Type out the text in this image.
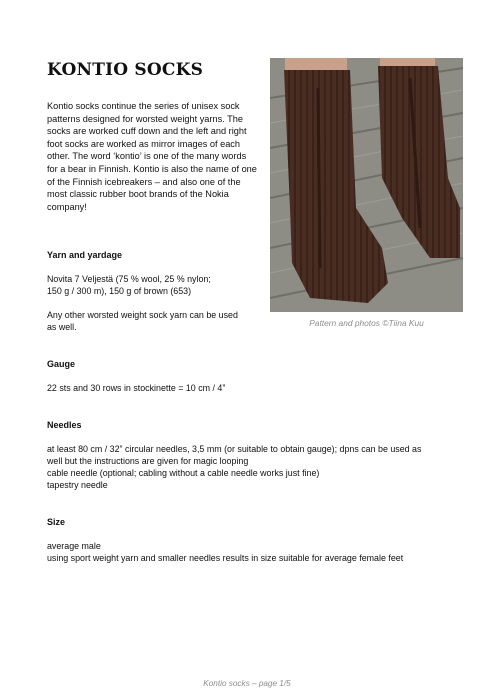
KONTIO SOCKS
Kontio socks continue the series of unisex sock patterns designed for worsted weight yarns. The socks are worked cuff down and the left and right foot socks are worked as mirror images of each other. The word ‘kontio’ is one of the many words for a bear in Finnish. Kontio is also the name of one of the Finnish icebreakers – and also one of the most classic rubber boot brands of the Nokia company!
Pattern and photos ©Tiina Kuu
Yarn and yardage
Novita 7 Veljestä (75 % wool, 25 % nylon;
150 g / 300 m), 150 g of brown (653)
Any other worsted weight sock yarn can be used
as well.
Gauge
22 sts and 30 rows in stockinette = 10 cm / 4”
Needles
at least 80 cm / 32” circular needles, 3,5 mm (or suitable to obtain gauge); dpns can be used as
well but the instructions are given for magic looping
cable needle (optional; cabling without a cable needle works just fine)
tapestry needle
Size
average male
using sport weight yarn and smaller needles results in size suitable for average female feet
Kontio socks – page 1/5
